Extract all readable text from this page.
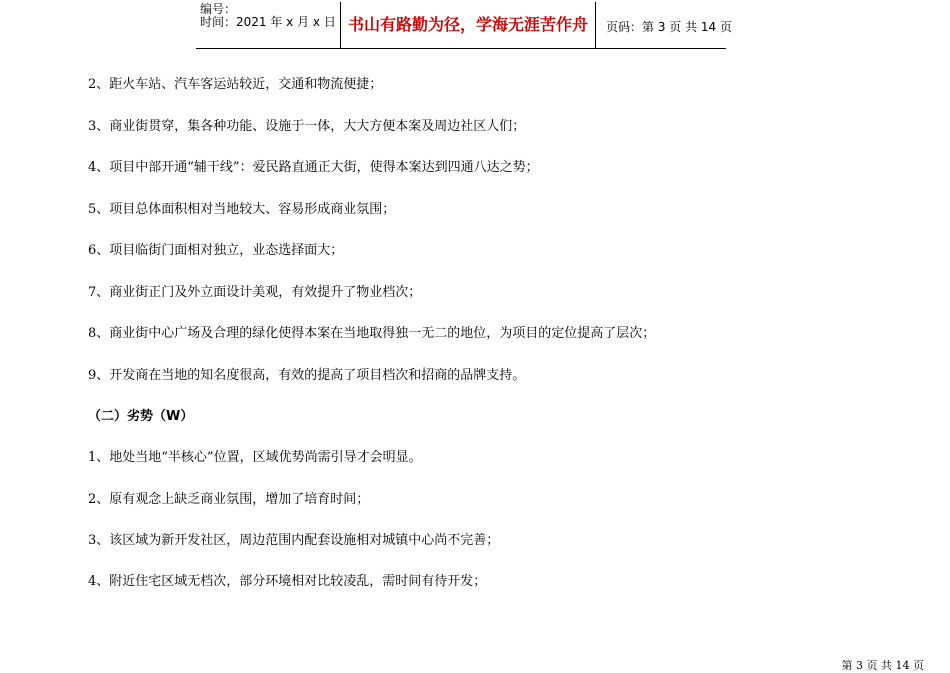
编号：
时间：2021 年 x 月 x 日 书山有路勤为径，学海无涯苦作舟	页码：第 3 页 共 14 页
2、距火车站、汽车客运站较近，交通和物流便捷；
3、商业街贯穿，集各种功能、设施于一体，大大方便本案及周边社区人们；
4、项目中部开通“辅干线”：爱民路直通正大街，使得本案达到四通八达之势；
5、项目总体面积相对当地较大、容易形成商业氛围；
6、项目临街门面相对独立，业态选择面大；
7、商业街正门及外立面设计美观，有效提升了物业档次；
8、商业街中心广场及合理的绿化使得本案在当地取得独一无二的地位，为项目的定位提高了层次；
9、开发商在当地的知名度很高，有效的提高了项目档次和招商的品牌支持。
（二）劣势（W）
1、地处当地“半核心”位置，区域优势尚需引导才会明显。
2、原有观念上缺乏商业氛围，增加了培育时间；
3、该区域为新开发社区，周边范围内配套设施相对城镇中心尚不完善；
4、附近住宅区域无档次，部分环境相对比较凌乱，需时间有待开发；
第 3 页 共 14 页
